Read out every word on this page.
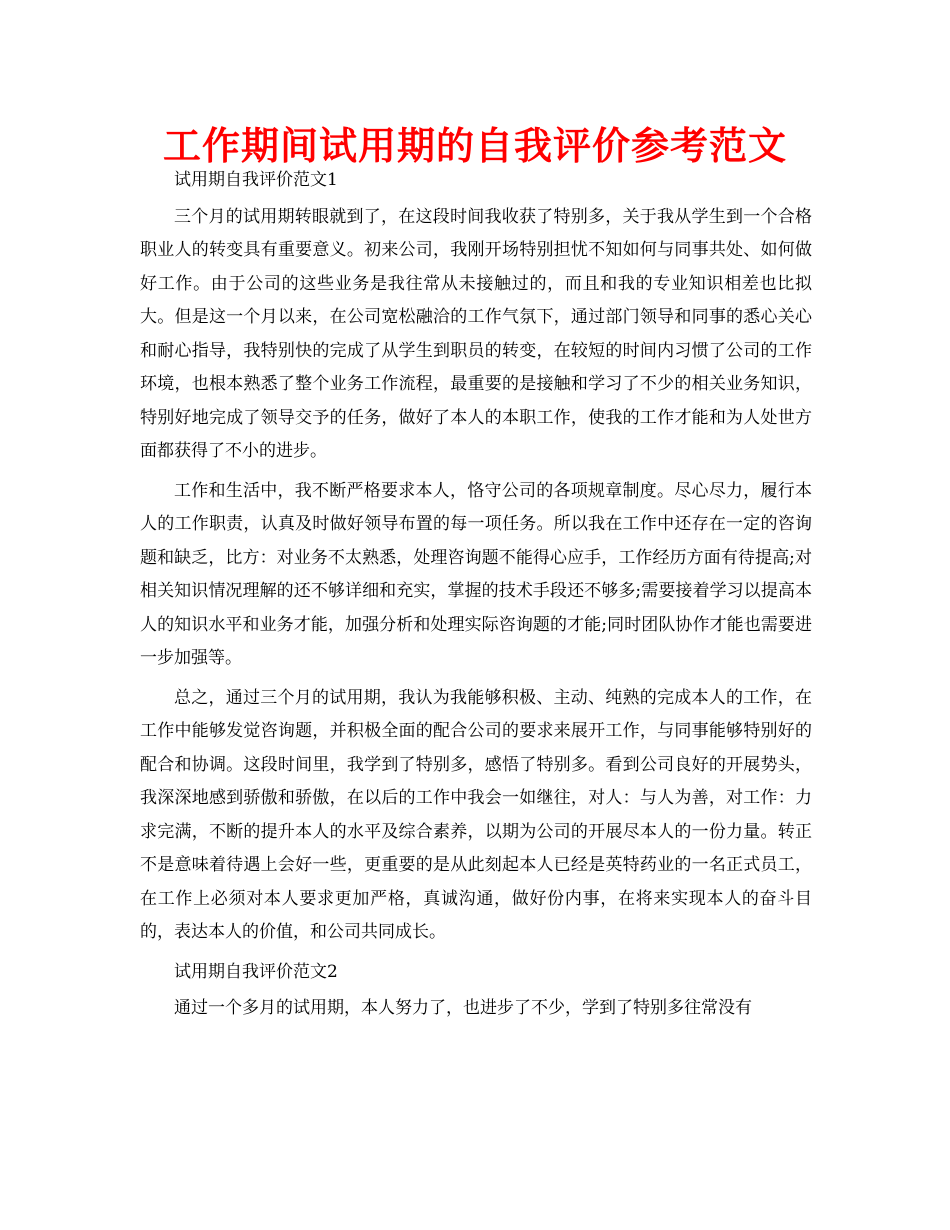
工作期间试用期的自我评价参考范文

试用期自我评价范文1

三个月的试用期转眼就到了，在这段时间我收获了特别多，关于我从学生到一个合格职业人的转变具有重要意义。初来公司，我刚开场特别担忧不知如何与同事共处、如何做好工作。由于公司的这些业务是我往常从未接触过的，而且和我的专业知识相差也比拟大。但是这一个月以来，在公司宽松融洽的工作气氛下，通过部门领导和同事的悉心关心和耐心指导，我特别快的完成了从学生到职员的转变，在较短的时间内习惯了公司的工作环境，也根本熟悉了整个业务工作流程，最重要的是接触和学习了不少的相关业务知识，特别好地完成了领导交予的任务，做好了本人的本职工作，使我的工作才能和为人处世方面都获得了不小的进步。

工作和生活中，我不断严格要求本人，恪守公司的各项规章制度。尽心尽力，履行本人的工作职责，认真及时做好领导布置的每一项任务。所以我在工作中还存在一定的咨询题和缺乏，比方：对业务不太熟悉，处理咨询题不能得心应手，工作经历方面有待提高;对相关知识情况理解的还不够详细和充实，掌握的技术手段还不够多;需要接着学习以提高本人的知识水平和业务才能，加强分析和处理实际咨询题的才能;同时团队协作才能也需要进一步加强等。

总之，通过三个月的试用期，我认为我能够积极、主动、纯熟的完成本人的工作，在工作中能够发觉咨询题，并积极全面的配合公司的要求来展开工作，与同事能够特别好的配合和协调。这段时间里，我学到了特别多，感悟了特别多。看到公司良好的开展势头，我深深地感到骄傲和骄傲，在以后的工作中我会一如继往，对人：与人为善，对工作：力求完满，不断的提升本人的水平及综合素养，以期为公司的开展尽本人的一份力量。转正不是意味着待遇上会好一些，更重要的是从此刻起本人已经是英特药业的一名正式员工，在工作上必须对本人要求更加严格，真诚沟通，做好份内事，在将来实现本人的奋斗目的，表达本人的价值，和公司共同成长。

试用期自我评价范文2

通过一个多月的试用期，本人努力了，也进步了不少，学到了特别多往常没有
